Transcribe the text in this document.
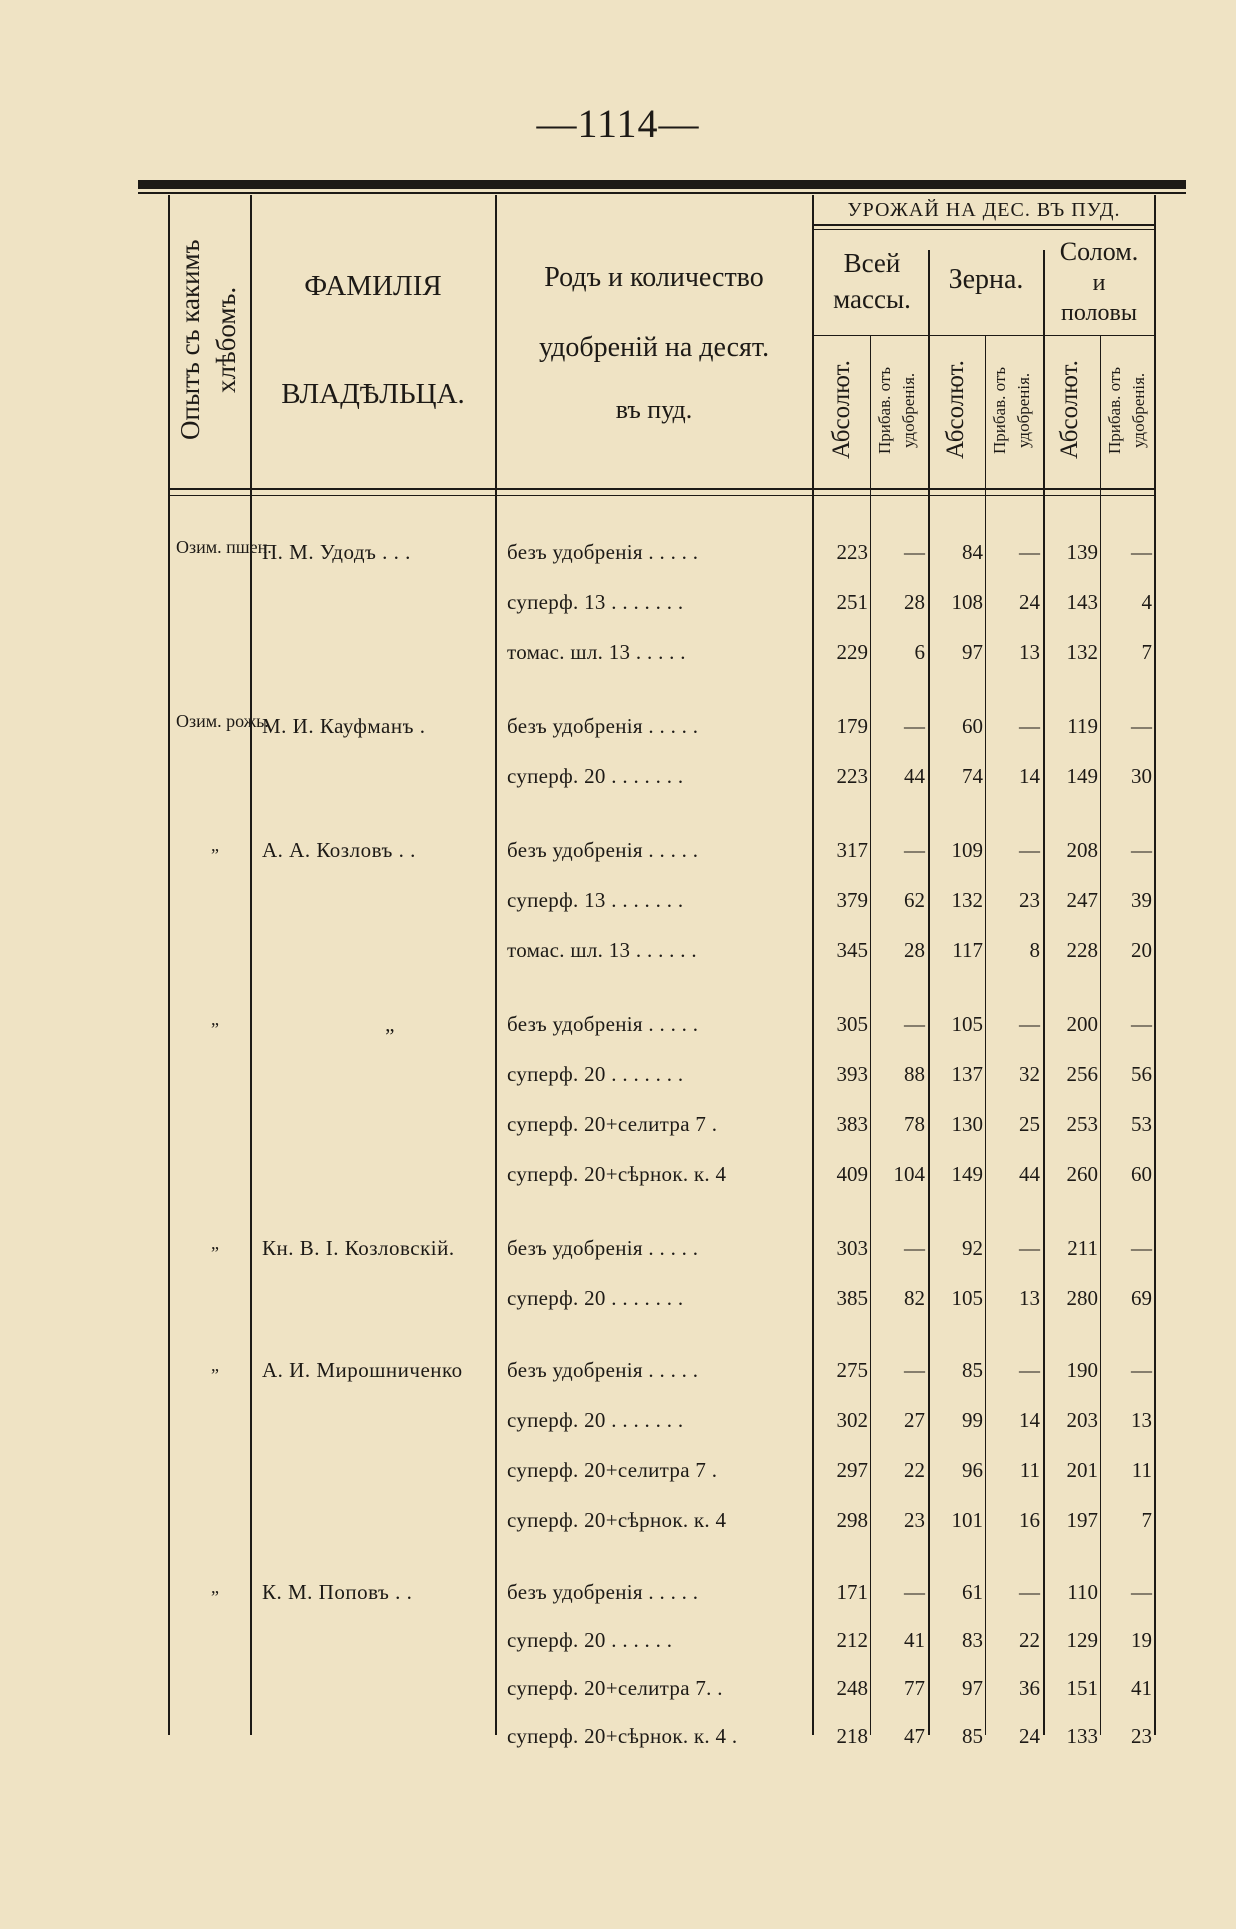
—1114—
Опытъ съ какимъ хлѣбомъ.
ФАМИЛІЯ
ВЛАДѢЛЬЦА.
Родъ и количество
удобреній на десят.
въ пуд.
УРОЖАЙ НА ДЕС. ВЪ ПУД.
Всей массы.
Зерна.
Солом.
и
половы
Абсолют.	Прибав. отъ удобренія. Абсолют.	Прибав. отъ удобренія. Абсолют.	Прибав. отъ удобренія.
Озим. пшен.
П. М. Удодъ . . .	безъ удобренія . . . . .	223	—	84	—	139	—
суперф. 13 . . . . . . .	251	28	108	24	143	4
томас. шл. 13 . . . . .	229	6	97	13	132	7
Озим. рожь.
М. И. Кауфманъ .	безъ удобренія . . . . .	179	—	60	—	119	—
суперф. 20 . . . . . . .	223	44	74	14	149	30
„	А. А. Козловъ . .	безъ удобренія . . . . .	317	—	109	—	208	—
суперф. 13 . . . . . . .	379	62	132	23	247	39
томас. шл. 13 . . . . . .	345	28	117	8	228	20
„	„	безъ удобренія . . . . .	305	—	105	—	200	—
суперф. 20 . . . . . . .	393	88	137	32	256	56
суперф. 20+селитра 7 .	383	78	130	25	253	53
суперф. 20+сѣрнок. к. 4	409	104	149	44	260	60
„	Кн. В. І. Козловскій.	безъ удобренія . . . . .	303	—	92	—	211	—
суперф. 20 . . . . . . .	385	82	105	13	280	69
„	А. И. Мирошниченко	безъ удобренія . . . . .	275	—	85	—	190	—
суперф. 20 . . . . . . .	302	27	99	14	203	13
суперф. 20+селитра 7 .	297	22	96	11	201	11
суперф. 20+сѣрнок. к. 4	298	23	101	16	197	7
„	К. М. Поповъ . .	безъ удобренія . . . . .	171	—	61	—	110	—
суперф. 20 . . . . . .	212	41	83	22	129	19
суперф. 20+селитра 7. .	248	77	97	36	151	41
суперф. 20+сѣрнок. к. 4 .	218	47	85	24	133	23
